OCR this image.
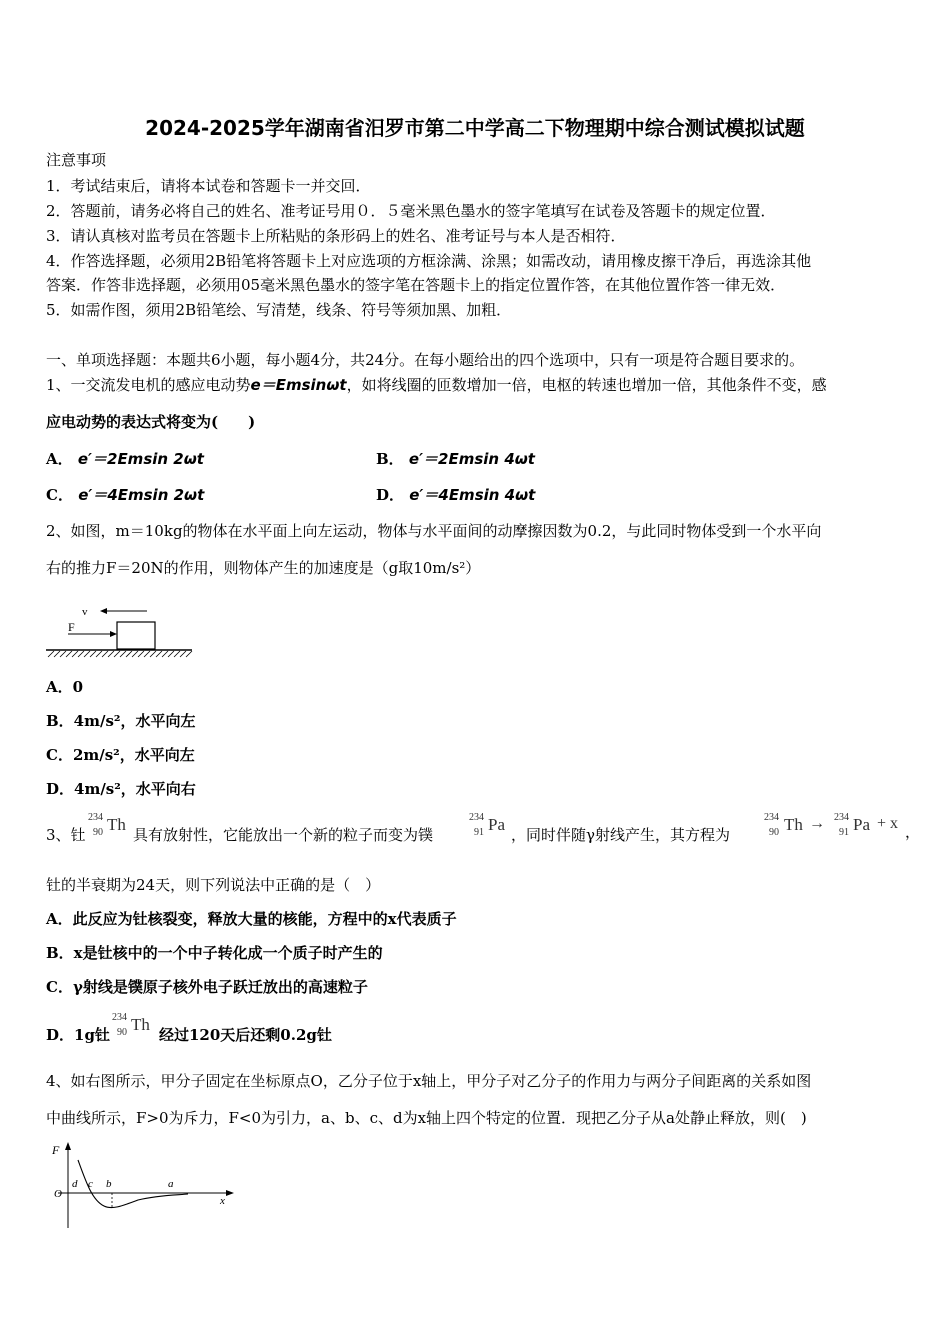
2024-2025学年湖南省汨罗市第二中学高二下物理期中综合测试模拟试题
注意事项
1．考试结束后，请将本试卷和答题卡一并交回．
2．答题前，请务必将自己的姓名、准考证号用０．５毫米黑色墨水的签字笔填写在试卷及答题卡的规定位置．
3．请认真核对监考员在答题卡上所粘贴的条形码上的姓名、准考证号与本人是否相符．
4．作答选择题，必须用2B铅笔将答题卡上对应选项的方框涂满、涂黑；如需改动，请用橡皮擦干净后，再选涂其他
答案．作答非选择题，必须用05毫米黑色墨水的签字笔在答题卡上的指定位置作答，在其他位置作答一律无效．
5．如需作图，须用2B铅笔绘、写清楚，线条、符号等须加黑、加粗．
一、单项选择题：本题共6小题，每小题4分，共24分。在每小题给出的四个选项中，只有一项是符合题目要求的。
1、一交流发电机的感应电动势e＝Emsinωt，如将线圈的匝数增加一倍，电枢的转速也增加一倍，其他条件不变，感
应电动势的表达式将变为(　　)
A． e′＝2Emsin 2ωt	B． e′＝2Emsin 4ωt
C． e′＝4Emsin 2ωt	D． e′＝4Emsin 4ωt
2、如图，m＝10kg的物体在水平面上向左运动，物体与水平面间的动摩擦因数为0.2，与此同时物体受到一个水平向
右的推力F＝20N的作用，则物体产生的加速度是（g取10m/s²）
v
F
A．0
B．4m/s²，水平向左
C．2m/s²，水平向左
D．4m/s²，水平向右
3、钍
234
90 Th
具有放射性，它能放出一个新的粒子而变为镤
234
91 Pa
，同时伴随γ射线产生，其方程为
234
90 Th → 234
91 Pa + x
，
钍的半衰期为24天，则下列说法中正确的是（　）
A．此反应为钍核裂变，释放大量的核能，方程中的x代表质子
B．x是钍核中的一个中子转化成一个质子时产生的
C．γ射线是镤原子核外电子跃迁放出的高速粒子
D．1g钍
234
90 Th
经过120天后还剩0.2g钍
4、如右图所示，甲分子固定在坐标原点O，乙分子位于x轴上，甲分子对乙分子的作用力与两分子间距离的关系如图
中曲线所示，F>0为斥力，F<0为引力，a、b、c、d为x轴上四个特定的位置．现把乙分子从a处静止释放，则(　)
F
O
d c b	a
x
